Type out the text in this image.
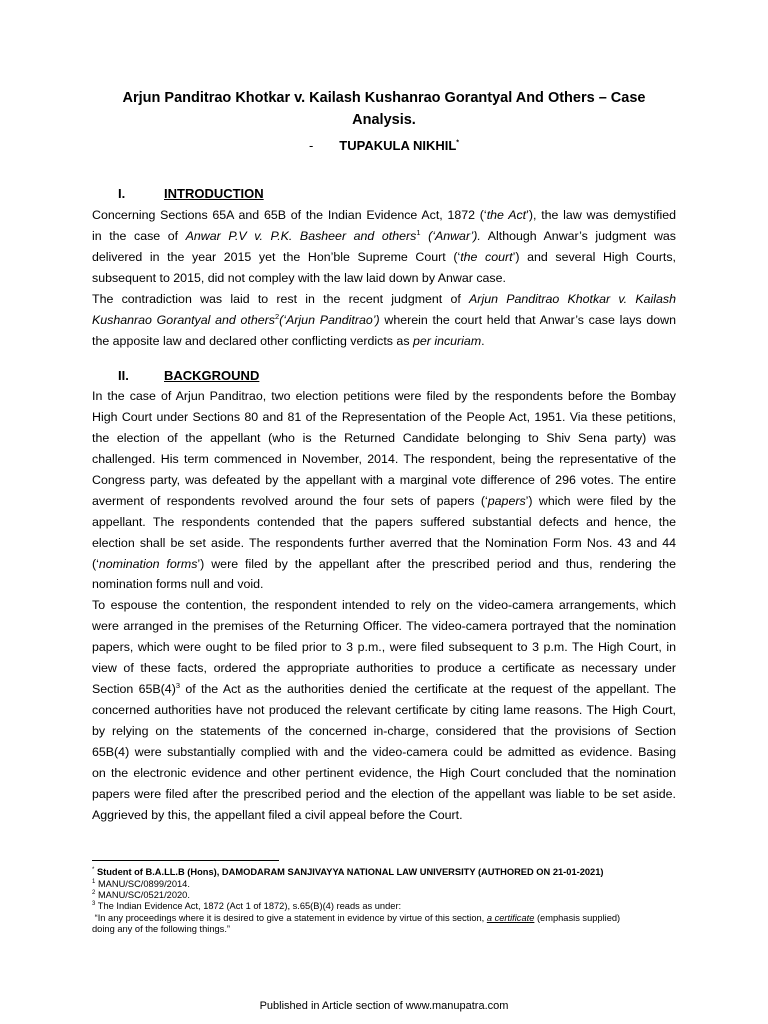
Arjun Panditrao Khotkar v. Kailash Kushanrao Gorantyal And Others – Case
Analysis.
- TUPAKULA NIKHIL*
I.	INTRODUCTION
Concerning Sections 65A and 65B of the Indian Evidence Act, 1872 (‘the Act’), the law was demystified
in the case of Anwar P.V v. P.K. Basheer and others$^1$ (‘Anwar’). Although Anwar’s judgment was
delivered in the year 2015 yet the Hon’ble Supreme Court (‘the court’) and several High Courts,
subsequent to 2015, did not compley with the law laid down by Anwar case.
The contradiction was laid to rest in the recent judgment of Arjun Panditrao Khotkar v. Kailash
Kushanrao Gorantyal and others$^2$(‘Arjun Panditrao’) wherein the court held that Anwar’s case lays down
the apposite law and declared other conflicting verdicts as per incuriam.
II.	BACKGROUND
In the case of Arjun Panditrao, two election petitions were filed by the respondents before the Bombay
High Court under Sections 80 and 81 of the Representation of the People Act, 1951. Via these petitions,
the election of the appellant (who is the Returned Candidate belonging to Shiv Sena party) was
challenged. His term commenced in November, 2014. The respondent, being the representative of the
Congress party, was defeated by the appellant with a marginal vote difference of 296 votes. The entire
averment of respondents revolved around the four sets of papers (‘papers’) which were filed by the
appellant. The respondents contended that the papers suffered substantial defects and hence, the
election shall be set aside. The respondents further averred that the Nomination Form Nos. 43 and 44
(‘nomination forms’) were filed by the appellant after the prescribed period and thus, rendering the
nomination forms null and void.
To espouse the contention, the respondent intended to rely on the video-camera arrangements, which
were arranged in the premises of the Returning Officer. The video-camera portrayed that the nomination
papers, which were ought to be filed prior to 3 p.m., were filed subsequent to 3 p.m. The High Court, in
view of these facts, ordered the appropriate authorities to produce a certificate as necessary under
Section $65B(4)^3$ of the Act as the authorities denied the certificate at the request of the appellant. The
concerned authorities have not produced the relevant certificate by citing lame reasons. The High Court,
by relying on the statements of the concerned in-charge, considered that the provisions of Section
65B(4) were substantially complied with and the video-camera could be admitted as evidence. Basing
on the electronic evidence and other pertinent evidence, the High Court concluded that the nomination
papers were filed after the prescribed period and the election of the appellant was liable to be set aside.
Aggrieved by this, the appellant filed a civil appeal before the Court.
* Student of B.A.LL.B (Hons), DAMODARAM SANJIVAYYA NATIONAL LAW UNIVERSITY (AUTHORED ON 21-01-2021)
$^1$ MANU/SC/0899/2014.
$^2$ MANU/SC/0521/2020.
$^3$ The Indian Evidence Act, 1872 (Act 1 of 1872), s.65(B)(4) reads as under:
“In any proceedings where it is desired to give a statement in evidence by virtue of this section, a certificate (emphasis supplied)
doing any of the following things.”
Published in Article section of www.manupatra.com
